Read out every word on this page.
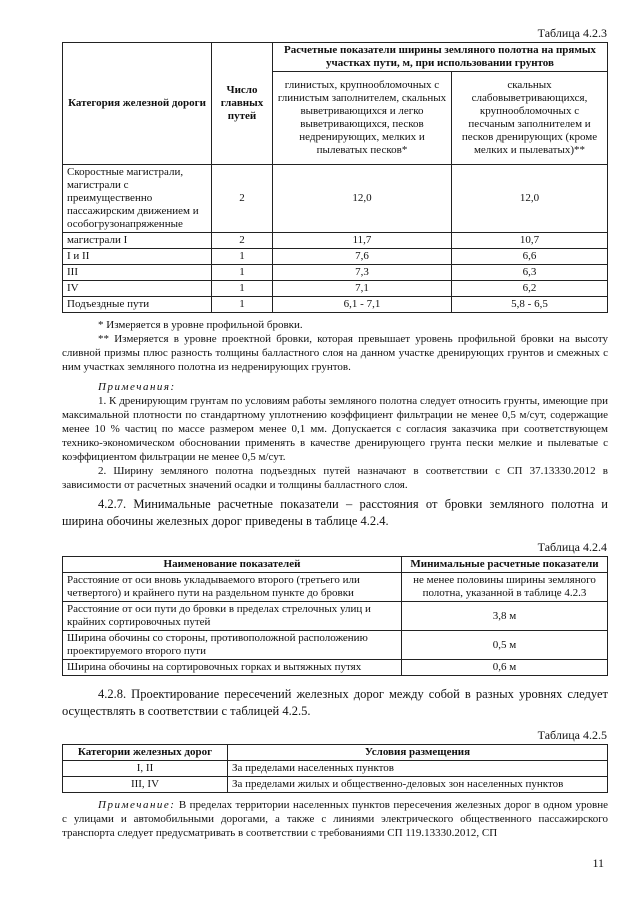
Таблица 4.2.3
Категория железной дороги	Число главных путей	Расчетные показатели ширины земляного полотна на прямых участках пути, м, при использовании грунтов	
		глинистых, крупнообломочных с глинистым заполнителем, скальных выветривающихся и легко выветривающихся, песков недренирующих, мелких и пылеватых песков*	скальных слабовыветривающихся, крупнообломочных с песчаным заполнителем и песков дренирующих (кроме мелких и пылеватых)**
Скоростные магистрали, магистрали с преимущественно пассажирским движением и особогрузонапряженные	2	12,0	12,0
магистрали I	2	11,7	10,7
I и II	1	7,6	6,6
III	1	7,3	6,3
IV	1	7,1	6,2
Подъездные пути	1	6,1 - 7,1	5,8 - 6,5
* Измеряется в уровне профильной бровки.
** Измеряется в уровне проектной бровки, которая превышает уровень профильной бровки на высоту сливной призмы плюс разность толщины балластного слоя на данном участке дренирующих грунтов и смежных с ним участках земляного полотна из недренирующих грунтов.
Примечания:
1. К дренирующим грунтам по условиям работы земляного полотна следует относить грунты, имеющие при максимальной плотности по стандартному уплотнению коэффициент фильтрации не менее 0,5 м/сут, содержащие менее 10 % частиц по массе размером менее 0,1 мм. Допускается с согласия заказчика при соответствующем технико-экономическом обосновании применять в качестве дренирующего грунта пески мелкие и пылеватые с коэффициентом фильтрации не менее 0,5 м/сут.
2. Ширину земляного полотна подъездных путей назначают в соответствии с СП 37.13330.2012 в зависимости от расчетных значений осадки и толщины балластного слоя.
4.2.7. Минимальные расчетные показатели – расстояния от бровки земляного полотна и ширина обочины железных дорог приведены в таблице 4.2.4.
Таблица 4.2.4
Наименование показателей	Минимальные расчетные показатели
Расстояние от оси вновь укладываемого второго (третьего или четвертого) и крайнего пути на раздельном пункте до бровки	не менее половины ширины земляного полотна, указанной в таблице 4.2.3
Расстояние от оси пути до бровки в пределах стрелочных улиц и крайних сортировочных путей	3,8 м
Ширина обочины со стороны, противоположной расположению проектируемого второго пути	0,5 м
Ширина обочины на сортировочных горках и вытяжных путях	0,6 м
4.2.8. Проектирование пересечений железных дорог между собой в разных уровнях следует осуществлять в соответствии с таблицей 4.2.5.
Таблица 4.2.5
Категории железных дорог	Условия размещения
I, II	За пределами населенных пунктов
III, IV	За пределами жилых и общественно-деловых зон населенных пунктов
Примечание: В пределах территории населенных пунктов пересечения железных дорог в одном уровне с улицами и автомобильными дорогами, а также с линиями электрического общественного пассажирского транспорта следует предусматривать в соответствии с требованиями СП 119.13330.2012, СП
11
